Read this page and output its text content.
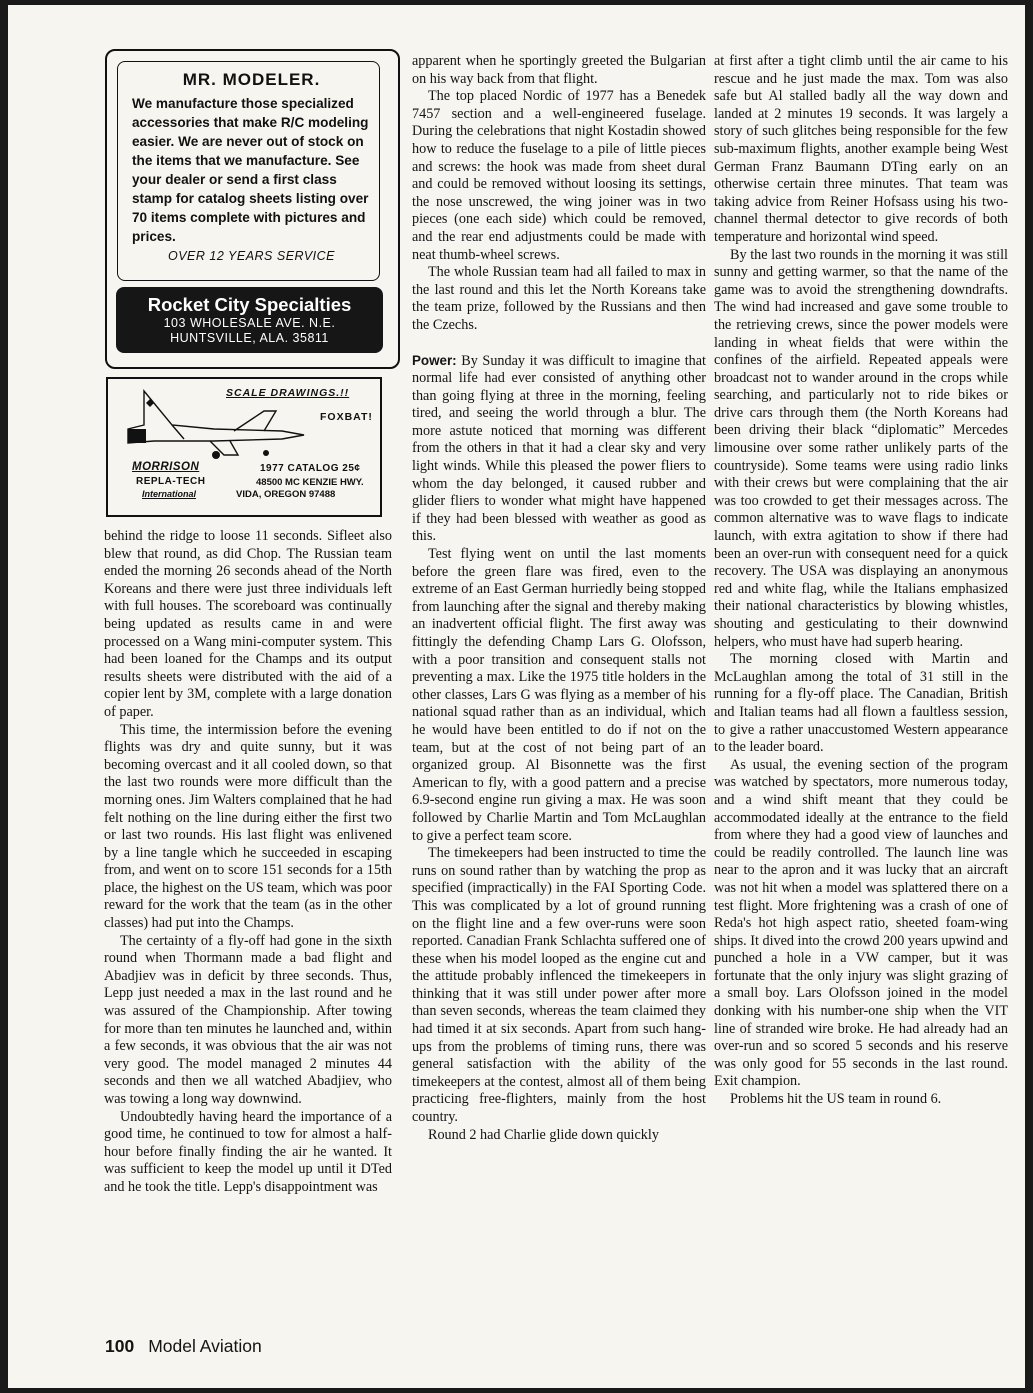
MR. MODELER.
We manufacture those specialized accessories that make R/C modeling easier. We are never out of stock on the items that we manufacture. See your dealer or send a first class stamp for catalog sheets listing over 70 items complete with pictures and prices.
OVER 12 YEARS SERVICE
Rocket City Specialties
103 WHOLESALE AVE. N.E.
HUNTSVILLE, ALA. 35811
SCALE DRAWINGS.!!
FOXBAT!
MORRISON
REPLA-TECH
International
1977 CATALOG 25¢
48500 MC KENZIE HWY.
VIDA, OREGON 97488

behind the ridge to loose 11 seconds. Sifleet also blew that round, as did Chop. The Russian team ended the morning 26 seconds ahead of the North Koreans and there were just three individuals left with full houses. The scoreboard was continually being updated as results came in and were processed on a Wang mini-computer system. This had been loaned for the Champs and its output results sheets were distributed with the aid of a copier lent by 3M, complete with a large donation of paper.

This time, the intermission before the evening flights was dry and quite sunny, but it was becoming overcast and it all cooled down, so that the last two rounds were more difficult than the morning ones. Jim Walters complained that he had felt nothing on the line during either the first two or last two rounds. His last flight was enlivened by a line tangle which he succeeded in escaping from, and went on to score 151 seconds for a 15th place, the highest on the US team, which was poor reward for the work that the team (as in the other classes) had put into the Champs.

The certainty of a fly-off had gone in the sixth round when Thormann made a bad flight and Abadjiev was in deficit by three seconds. Thus, Lepp just needed a max in the last round and he was assured of the Championship. After towing for more than ten minutes he launched and, within a few seconds, it was obvious that the air was not very good. The model managed 2 minutes 44 seconds and then we all watched Abadjiev, who was towing a long way downwind.

Undoubtedly having heard the importance of a good time, he continued to tow for almost a half-hour before finally finding the air he wanted. It was sufficient to keep the model up until it DTed and he took the title. Lepp's disappointment was

apparent when he sportingly greeted the Bulgarian on his way back from that flight.

The top placed Nordic of 1977 has a Benedek 7457 section and a well-engineered fuselage. During the celebrations that night Kostadin showed how to reduce the fuselage to a pile of little pieces and screws: the hook was made from sheet dural and could be removed without loosing its settings, the nose unscrewed, the wing joiner was in two pieces (one each side) which could be removed, and the rear end adjustments could be made with neat thumb-wheel screws.

The whole Russian team had all failed to max in the last round and this let the North Koreans take the team prize, followed by the Russians and then the Czechs.

Power: By Sunday it was difficult to imagine that normal life had ever consisted of anything other than going flying at three in the morning, feeling tired, and seeing the world through a blur. The more astute noticed that morning was different from the others in that it had a clear sky and very light winds. While this pleased the power fliers to whom the day belonged, it caused rubber and glider fliers to wonder what might have happened if they had been blessed with weather as good as this.

Test flying went on until the last moments before the green flare was fired, even to the extreme of an East German hurriedly being stopped from launching after the signal and thereby making an inadvertent official flight. The first away was fittingly the defending Champ Lars G. Olofsson, with a poor transition and consequent stalls not preventing a max. Like the 1975 title holders in the other classes, Lars G was flying as a member of his national squad rather than as an individual, which he would have been entitled to do if not on the team, but at the cost of not being part of an organized group. Al Bisonnette was the first American to fly, with a good pattern and a precise 6.9-second engine run giving a max. He was soon followed by Charlie Martin and Tom McLaughlan to give a perfect team score.

The timekeepers had been instructed to time the runs on sound rather than by watching the prop as specified (impractically) in the FAI Sporting Code. This was complicated by a lot of ground running on the flight line and a few over-runs were soon reported. Canadian Frank Schlachta suffered one of these when his model looped as the engine cut and the attitude probably inflenced the timekeepers in thinking that it was still under power after more than seven seconds, whereas the team claimed they had timed it at six seconds. Apart from such hang-ups from the problems of timing runs, there was general satisfaction with the ability of the timekeepers at the contest, almost all of them being practicing free-flighters, mainly from the host country.

Round 2 had Charlie glide down quickly

at first after a tight climb until the air came to his rescue and he just made the max. Tom was also safe but Al stalled badly all the way down and landed at 2 minutes 19 seconds. It was largely a story of such glitches being responsible for the few sub-maximum flights, another example being West German Franz Baumann DTing early on an otherwise certain three minutes. That team was taking advice from Reiner Hofsass using his two-channel thermal detector to give records of both temperature and horizontal wind speed.

By the last two rounds in the morning it was still sunny and getting warmer, so that the name of the game was to avoid the strengthening downdrafts. The wind had increased and gave some trouble to the retrieving crews, since the power models were landing in wheat fields that were within the confines of the airfield. Repeated appeals were broadcast not to wander around in the crops while searching, and particularly not to ride bikes or drive cars through them (the North Koreans had been driving their black “diplomatic” Mercedes limousine over some rather unlikely parts of the countryside). Some teams were using radio links with their crews but were complaining that the air was too crowded to get their messages across. The common alternative was to wave flags to indicate launch, with extra agitation to show if there had been an over-run with consequent need for a quick recovery. The USA was displaying an anonymous red and white flag, while the Italians emphasized their national characteristics by blowing whistles, shouting and gesticulating to their downwind helpers, who must have had superb hearing.

The morning closed with Martin and McLaughlan among the total of 31 still in the running for a fly-off place. The Canadian, British and Italian teams had all flown a faultless session, to give a rather unaccustomed Western appearance to the leader board.

As usual, the evening section of the program was watched by spectators, more numerous today, and a wind shift meant that they could be accommodated ideally at the entrance to the field from where they had a good view of launches and could be readily controlled. The launch line was near to the apron and it was lucky that an aircraft was not hit when a model was splattered there on a test flight. More frightening was a crash of one of Reda's hot high aspect ratio, sheeted foam-wing ships. It dived into the crowd 200 years upwind and punched a hole in a VW camper, but it was fortunate that the only injury was slight grazing of a small boy. Lars Olofsson joined in the model donking with his number-one ship when the VIT line of stranded wire broke. He had already had an over-run and so scored 5 seconds and his reserve was only good for 55 seconds in the last round. Exit champion.

Problems hit the US team in round 6.

100 Model Aviation
